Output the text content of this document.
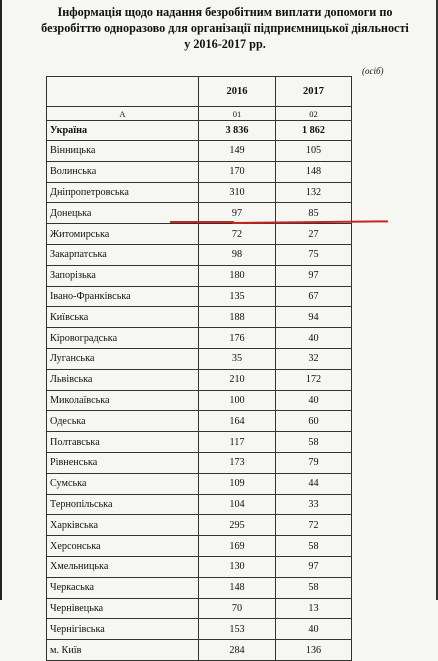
Інформація щодо надання безробітним виплати допомоги по безробіттю одноразово для організації підприємницької діяльності у 2016-2017 рр.
(осіб)
	2016	2017
А	01	02
Україна	3 836	1 862
Вінницька	149	105
Волинська	170	148
Дніпропетровська	310	132
Донецька	97	85
Житомирська	72	27
Закарпатська	98	75
Запорізька	180	97
Івано-Франківська	135	67
Київська	188	94
Кіровоградська	176	40
Луганська	35	32
Львівська	210	172
Миколаївська	100	40
Одеська	164	60
Полтавська	117	58
Рівненська	173	79
Сумська	109	44
Тернопільська	104	33
Харківська	295	72
Херсонська	169	58
Хмельницька	130	97
Черкаська	148	58
Чернівецька	70	13
Чернігівська	153	40
м. Київ	284	136
